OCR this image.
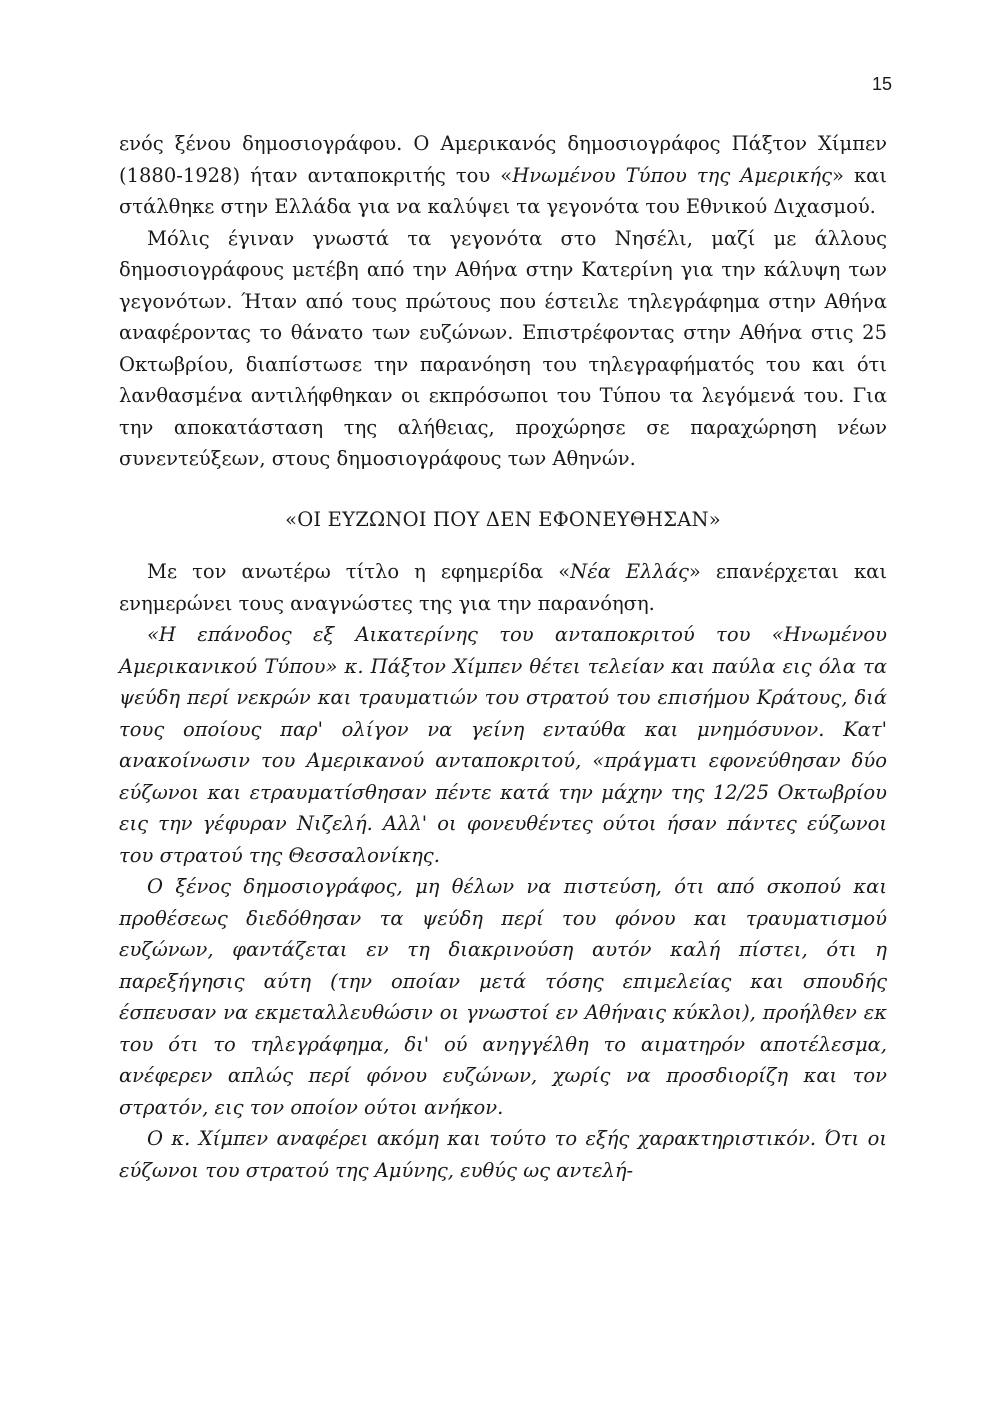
15

ενός ξένου δημοσιογράφου. Ο Αμερικανός δημοσιογράφος Πάξτον Χίμπεν (1880-1928) ήταν ανταποκριτής του «Ηνωμένου Τύπου της Αμερικής» και στάλθηκε στην Ελλάδα για να καλύψει τα γεγονότα του Εθνικού Διχασμού.

Μόλις έγιναν γνωστά τα γεγονότα στο Νησέλι, μαζί με άλλους δημοσιογράφους μετέβη από την Αθήνα στην Κατερίνη για την κάλυψη των γεγονότων. Ήταν από τους πρώτους που έστειλε τηλεγράφημα στην Αθήνα αναφέροντας το θάνατο των ευζώνων. Επιστρέφοντας στην Αθήνα στις 25 Οκτωβρίου, διαπίστωσε την παρανόηση του τηλεγραφήματός του και ότι λανθασμένα αντιλήφθηκαν οι εκπρόσωποι του Τύπου τα λεγόμενά του. Για την αποκατάσταση της αλήθειας, προχώρησε σε παραχώρηση νέων συνεντεύξεων, στους δημοσιογράφους των Αθηνών.

«ΟΙ ΕΥΖΩΝΟΙ ΠΟΥ ΔΕΝ ΕΦΟΝΕΥΘΗΣΑΝ»

Με τον ανωτέρω τίτλο η εφημερίδα «Νέα Ελλάς» επανέρχεται και ενημερώνει τους αναγνώστες της για την παρανόηση.

«Η επάνοδος εξ Αικατερίνης του ανταποκριτού του «Ηνωμένου Αμερικανικού Τύπου» κ. Πάξτον Χίμπεν θέτει τελείαν και παύλα εις όλα τα ψεύδη περί νεκρών και τραυματιών του στρατού του επισήμου Κράτους, διά τους οποίους παρ' ολίγον να γείνη ενταύθα και μνημόσυνον. Κατ' ανακοίνωσιν του Αμερικανού ανταποκριτού, «πράγματι εφονεύθησαν δύο εύζωνοι και ετραυματίσθησαν πέντε κατά την μάχην της 12/25 Οκτωβρίου εις την γέφυραν Νιζελή. Αλλ' οι φονευθέντες ούτοι ήσαν πάντες εύζωνοι του στρατού της Θεσσαλονίκης.

Ο ξένος δημοσιογράφος, μη θέλων να πιστεύση, ότι από σκοπού και προθέσεως διεδόθησαν τα ψεύδη περί του φόνου και τραυματισμού ευζώνων, φαντάζεται εν τη διακρινούση αυτόν καλή πίστει, ότι η παρεξήγησις αύτη (την οποίαν μετά τόσης επιμελείας και σπουδής έσπευσαν να εκμεταλλευθώσιν οι γνωστοί εν Αθήναις κύκλοι), προήλθεν εκ του ότι το τηλεγράφημα, δι' ού ανηγγέλθη το αιματηρόν αποτέλεσμα, ανέφερεν απλώς περί φόνου ευζώνων, χωρίς να προσδιορίζη και τον στρατόν, εις τον οποίον ούτοι ανήκον.

Ο κ. Χίμπεν αναφέρει ακόμη και τούτο το εξής χαρακτηριστικόν. Ότι οι εύζωνοι του στρατού της Αμύνης, ευθύς ως αντελή-
